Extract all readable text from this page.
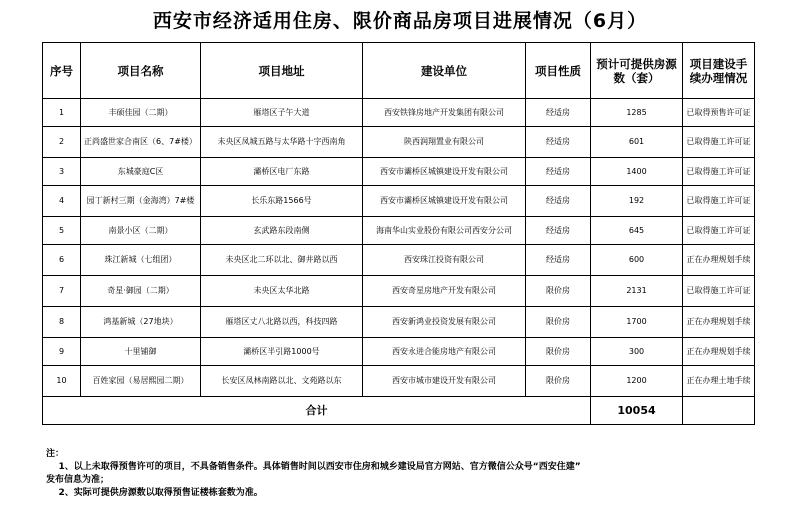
西安市经济适用住房、限价商品房项目进展情况（6月）
序号	项目名称	项目地址	建设单位	项目性质	预计可提供房源数（套）	项目建设手续办理情况
1	丰硕佳园（二期）	雁塔区子午大道	西安铁锋房地产开发集团有限公司	经适房	1285	已取得预售许可证
2	正尚盛世家合南区（6、7#楼）	未央区凤城五路与太华路十字西南角	陕西润翔置业有限公司	经适房	601	已取得施工许可证
3	东城豪庭C区	灞桥区电厂东路	西安市灞桥区城镇建设开发有限公司	经适房	1400	已取得施工许可证
4	园丁新村三期（金海湾）7#楼	长乐东路1566号	西安市灞桥区城镇建设开发有限公司	经适房	192	已取得施工许可证
5	南景小区（二期）	玄武路东段南侧	海南华山实业股份有限公司西安分公司	经适房	645	已取得施工许可证
6	珠江新城（七组团）	未央区北二环以北、御井路以西	西安珠江投资有限公司	经适房	600	正在办理规划手续
7	奇星·御园（二期）	未央区太华北路	西安奇星房地产开发有限公司	限价房	2131	已取得施工许可证
8	鸿基新城（27地块）	雁塔区丈八北路以西，科技四路	西安新鸿业投资发展有限公司	限价房	1700	正在办理规划手续
9	十里铺御	灞桥区半引路1000号	西安永进合能房地产有限公司	限价房	300	正在办理规划手续
10	百姓家园（易居熙园二期）	长安区凤林南路以北、文苑路以东	西安市城市建设开发有限公司	限价房	1200	正在办理土地手续
合计					10054	
注：
1、以上未取得预售许可的项目，不具备销售条件。具体销售时间以西安市住房和城乡建设局官方网站、官方微信公众号“西安住建”
发布信息为准；
2、实际可提供房源数以取得预售证楼栋套数为准。
